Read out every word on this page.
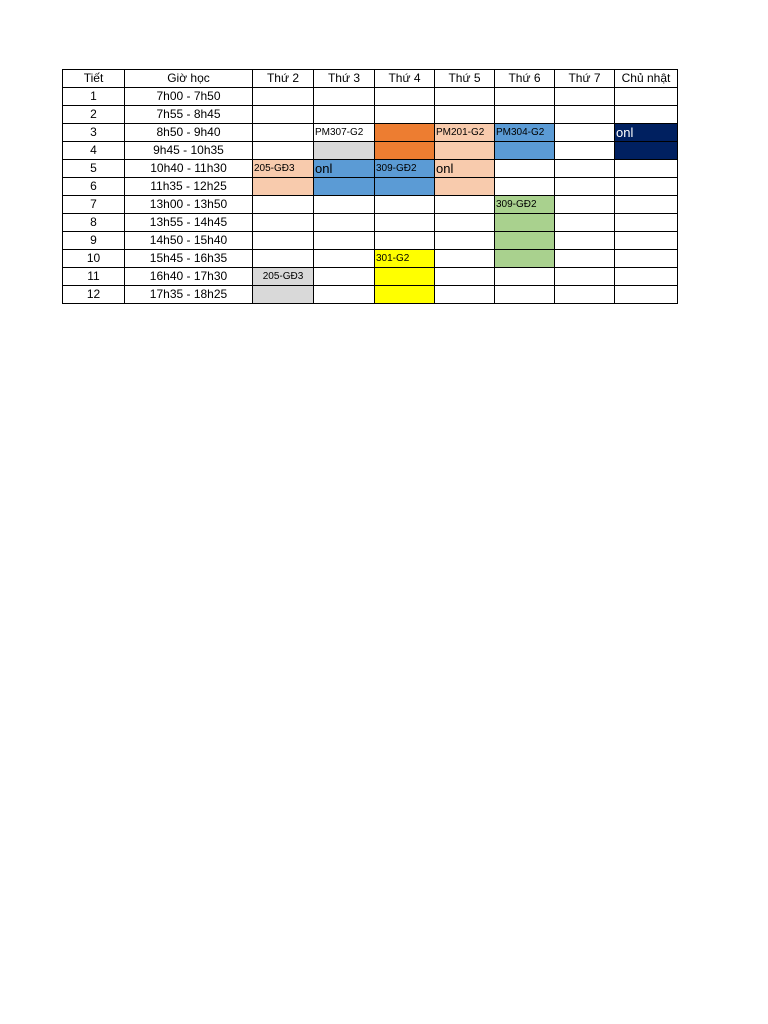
Tiết	Giờ học	Thứ 2	Thứ 3	Thứ 4	Thứ 5	Thứ 6	Thứ 7	Chủ nhật
1	7h00 - 7h50							
2	7h55 - 8h45							
3	8h50 - 9h40		PM307-G2		PM201-G2	PM304-G2		onl
4	9h45 - 10h35							
5	10h40 - 11h30	205-GĐ3	onl	309-GĐ2	onl			
6	11h35 - 12h25							
7	13h00 - 13h50					309-GĐ2		
8	13h55 - 14h45							
9	14h50 - 15h40							
10	15h45 - 16h35			301-G2				
11	16h40 - 17h30	205-GĐ3						
12	17h35 - 18h25							
